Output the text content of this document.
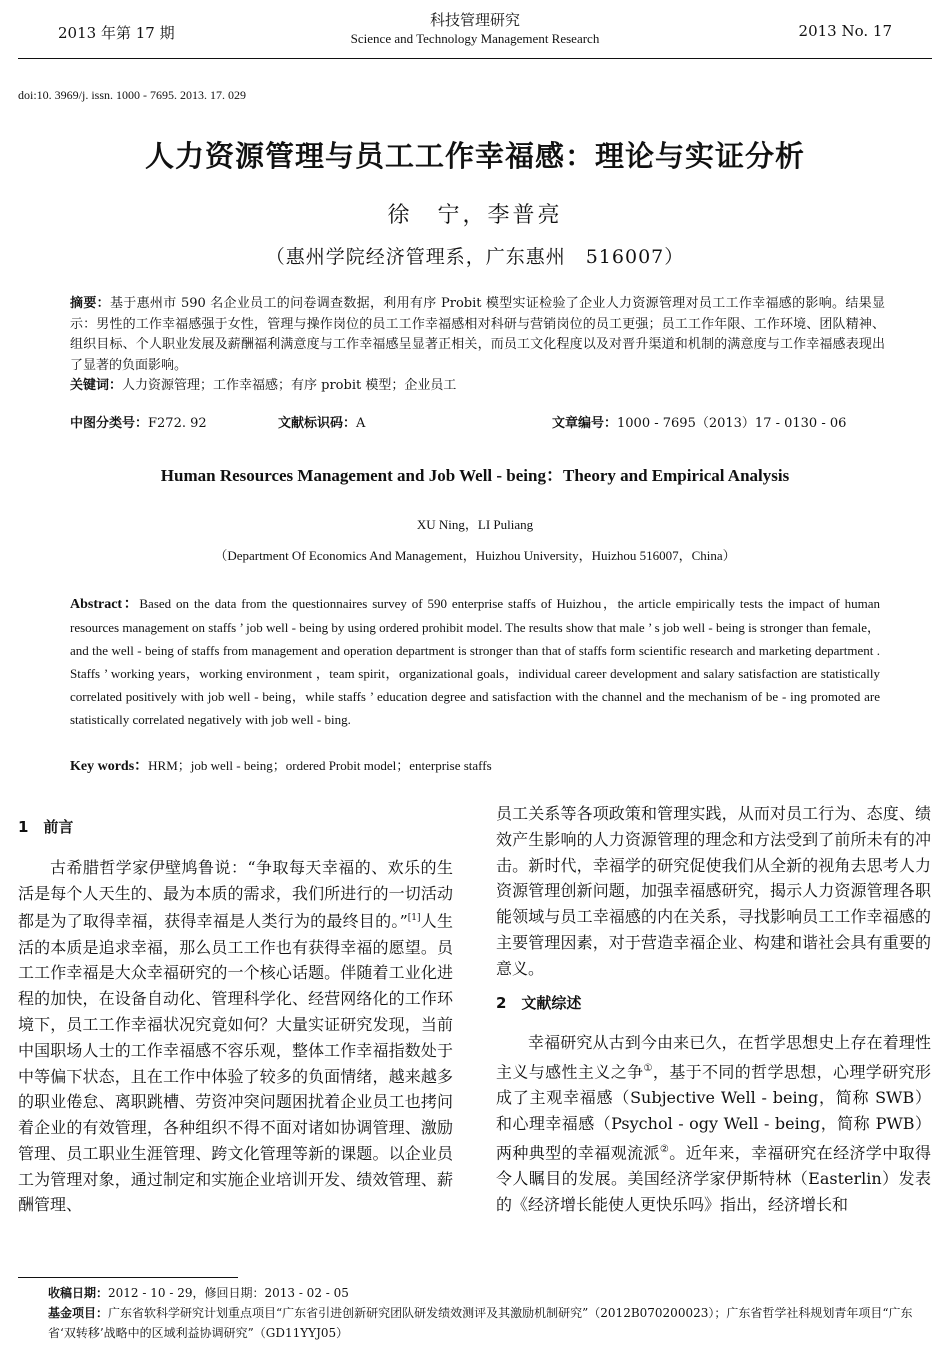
2013 年第 17 期
科技管理研究
Science and Technology Management Research	2013 No. 17
doi:10. 3969/j. issn. 1000 - 7695. 2013. 17. 029
人力资源管理与员工工作幸福感：理论与实证分析
徐　宁，李普亮
（惠州学院经济管理系，广东惠州　516007）
摘要：基于惠州市 590 名企业员工的问卷调查数据，利用有序 Probit 模型实证检验了企业人力资源管理对员工工作幸福感的影响。结果显示：男性的工作幸福感强于女性，管理与操作岗位的员工工作幸福感相对科研与营销岗位的员工更强；员工工作年限、工作环境、团队精神、组织目标、个人职业发展及薪酬福利满意度与工作幸福感呈显著正相关，而员工文化程度以及对晋升渠道和机制的满意度与工作幸福感表现出了显著的负面影响。
关键词：人力资源管理；工作幸福感；有序 probit 模型；企业员工
中图分类号：F272. 92	文献标识码：A	文章编号：1000 - 7695（2013）17 - 0130 - 06
Human Resources Management and Job Well - being：Theory and Empirical Analysis
XU Ning，LI Puliang
（Department Of Economics And Management，Huizhou University，Huizhou 516007，China）
Abstract：Based on the data from the questionnaires survey of 590 enterprise staffs of Huizhou，the article empirically tests the impact of human resources management on staffs ’ job well - being by using ordered prohibit model. The results show that male ’ s job well - being is stronger than female，and the well - being of staffs from management and operation department is stronger than that of staffs form scientific research and marketing department . Staffs ’ working years，working environment ，team spirit，organizational goals，individual career development and salary satisfaction are statistically correlated positively with job well - being，while staffs ’ education degree and satisfaction with the channel and the mechanism of be - ing promoted are statistically correlated negatively with job well - bing.
Key words：HRM；job well - being；ordered Probit model；enterprise staffs

1　前言

古希腊哲学家伊壁鸠鲁说：“争取每天幸福的、欢乐的生活是每个人天生的、最为本质的需求，我们所进行的一切活动都是为了取得幸福，获得幸福是人类行为的最终目的。”[1]人生活的本质是追求幸福，那么员工工作也有获得幸福的愿望。员工工作幸福是大众幸福研究的一个核心话题。伴随着工业化进程的加快，在设备自动化、管理科学化、经营网络化的工作环境下，员工工作幸福状况究竟如何？大量实证研究发现，当前中国职场人士的工作幸福感不容乐观，整体工作幸福指数处于中等偏下状态，且在工作中体验了较多的负面情绪，越来越多的职业倦怠、离职跳槽、劳资冲突问题困扰着企业员工也拷问着企业的有效管理，各种组织不得不面对诸如协调管理、激励管理、员工职业生涯管理、跨文化管理等新的课题。以企业员工为管理对象，通过制定和实施企业培训开发、绩效管理、薪酬管理、

员工关系等各项政策和管理实践，从而对员工行为、态度、绩效产生影响的人力资源管理的理念和方法受到了前所未有的冲击。新时代，幸福学的研究促使我们从全新的视角去思考人力资源管理创新问题，加强幸福感研究，揭示人力资源管理各职能领域与员工幸福感的内在关系，寻找影响员工工作幸福感的主要管理因素，对于营造幸福企业、构建和谐社会具有重要的意义。

2　文献综述

幸福研究从古到今由来已久，在哲学思想史上存在着理性主义与感性主义之争①，基于不同的哲学思想，心理学研究形成了主观幸福感（Subjective Well - being，简称 SWB）和心理幸福感（Psychol - ogy Well - being，简称 PWB）两种典型的幸福观流派②。近年来，幸福研究在经济学中取得令人瞩目的发展。美国经济学家伊斯特林（Easterlin）发表的《经济增长能使人更快乐吗》指出，经济增长和

收稿日期：2012 - 10 - 29，修回日期：2013 - 02 - 05
基金项目：广东省软科学研究计划重点项目“广东省引进创新研究团队研发绩效测评及其激励机制研究”（2012B070200023）；广东省哲学社科规划青年项目“广东省‘双转移’战略中的区域利益协调研究”（GD11YYJ05）
